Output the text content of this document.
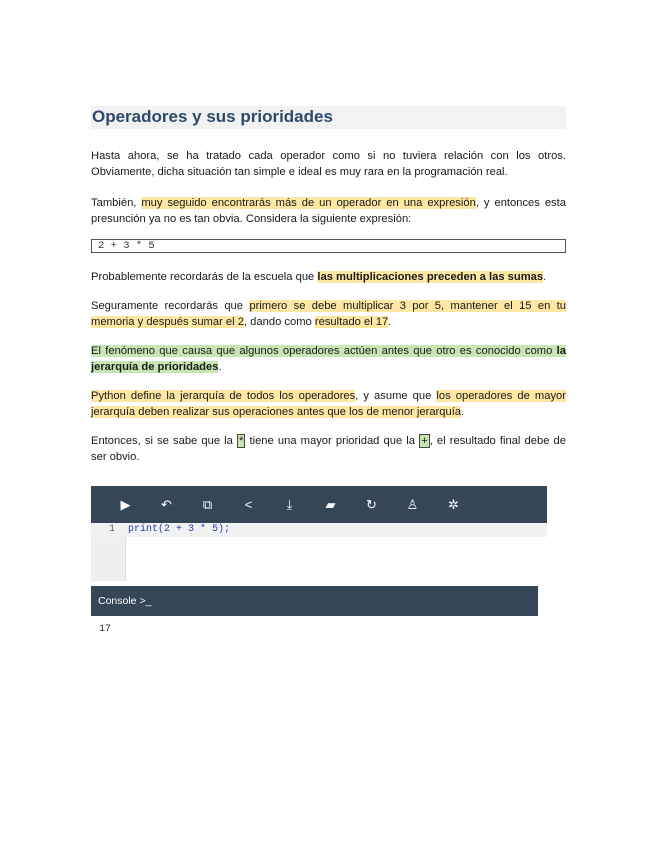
Operadores y sus prioridades

Hasta ahora, se ha tratado cada operador como si no tuviera relación con los otros. Obviamente, dicha situación tan simple e ideal es muy rara en la programación real.

También, muy seguido encontrarás más de un operador en una expresión, y entonces esta presunción ya no es tan obvia. Considera la siguiente expresión:

2 + 3 * 5

Probablemente recordarás de la escuela que las multiplicaciones preceden a las sumas.

Seguramente recordarás que primero se debe multiplicar 3 por 5, mantener el 15 en tu memoria y después sumar el 2, dando como resultado el 17.

El fenómeno que causa que algunos operadores actúen antes que otro es conocido como la jerarquía de prioridades.

Python define la jerarquía de todos los operadores, y asume que los operadores de mayor jerarquía deben realizar sus operaciones antes que los de menor jerarquía.

Entonces, si se sabe que la * tiene una mayor prioridad que la + , el resultado final debe de ser obvio.

▶ ↶ ⧉	<	⤓	▰ ↻ ♙ ✲
1 print(2 + 3 * 5);
Console >_
17
